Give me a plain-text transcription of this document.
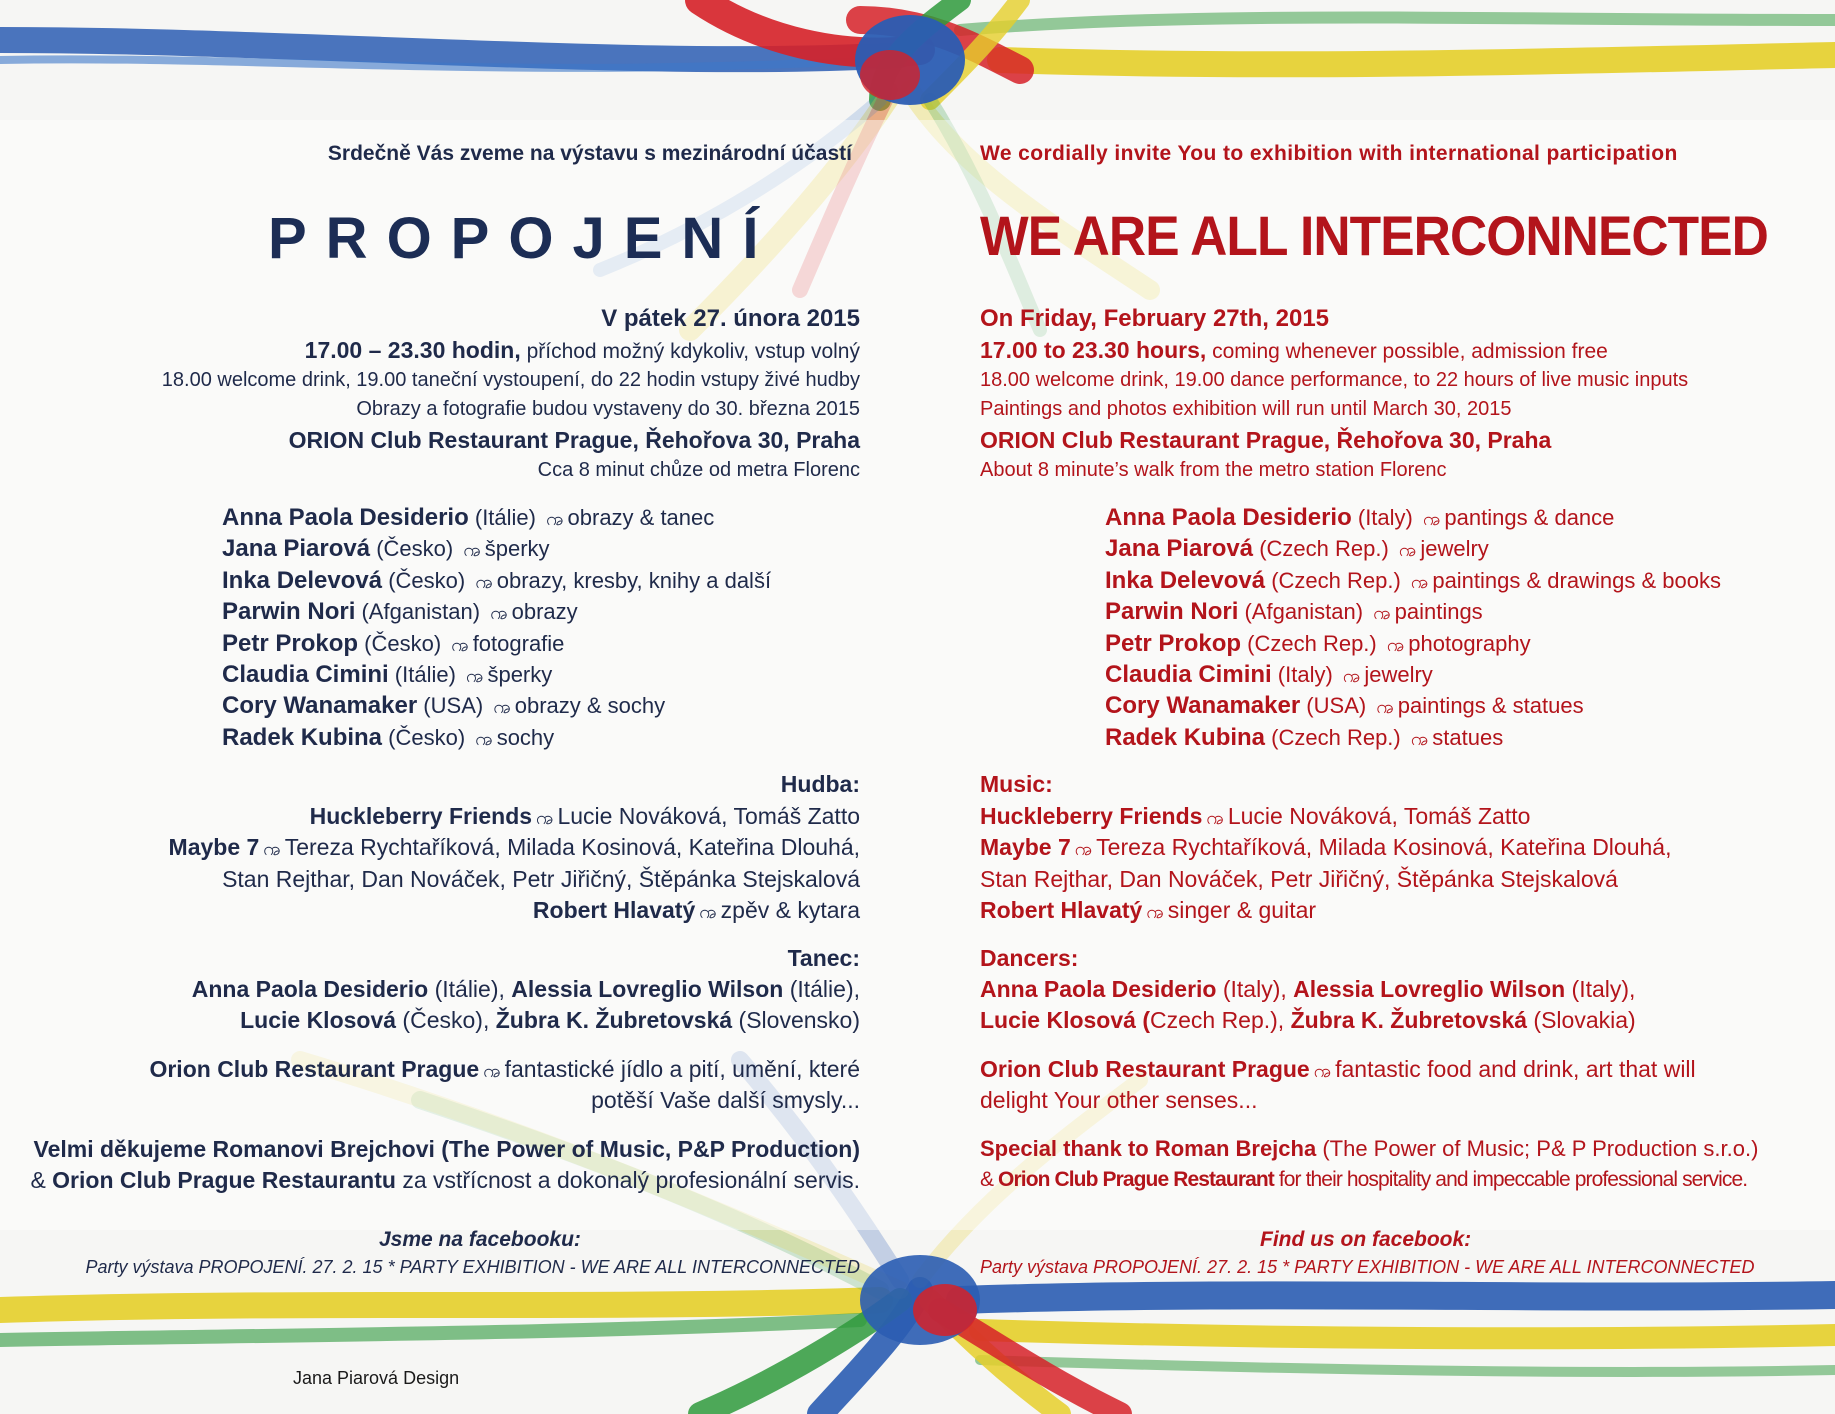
Srdečně Vás zveme na výstavu s mezinárodní účastí
PROPOJENÍ
V pátek 27. února 2015
17.00 – 23.30 hodin, příchod možný kdykoliv, vstup volný
18.00 welcome drink, 19.00 taneční vystoupení, do 22 hodin vstupy živé hudby
Obrazy a fotografie budou vystaveny do 30. března 2015
ORION Club Restaurant Prague, Řehořova 30, Praha
Cca 8 minut chůze od metra Florenc
Anna Paola Desiderio (Itálie) ꩠ obrazy & tanec
Jana Piarová (Česko) ꩠ šperky
Inka Delevová (Česko) ꩠ obrazy, kresby, knihy a další
Parwin Nori (Afganistan) ꩠ obrazy
Petr Prokop (Česko) ꩠ fotografie
Claudia Cimini (Itálie) ꩠ šperky
Cory Wanamaker (USA) ꩠ obrazy & sochy
Radek Kubina (Česko) ꩠ sochy
Hudba:
Huckleberry Friends ꩠ Lucie Nováková, Tomáš Zatto
Maybe 7 ꩠ Tereza Rychtaříková, Milada Kosinová, Kateřina Dlouhá,
Stan Rejthar, Dan Nováček, Petr Jiřičný, Štěpánka Stejskalová
Robert Hlavatý ꩠ zpěv & kytara
Tanec:
Anna Paola Desiderio (Itálie), Alessia Lovreglio Wilson (Itálie),
Lucie Klosová (Česko), Žubra K. Žubretovská (Slovensko)
Orion Club Restaurant Prague ꩠ fantastické jídlo a pití, umění, které
potěší Vaše další smysly...
Velmi děkujeme Romanovi Brejchovi (The Power of Music, P&P Production)
& Orion Club Prague Restaurantu za vstřícnost a dokonalý profesionální servis.
Jsme na facebooku:
Party výstava PROPOJENÍ. 27. 2. 15 * PARTY EXHIBITION - WE ARE ALL INTERCONNECTED
We cordially invite You to exhibition with international participation
WE ARE ALL INTERCONNECTED
On Friday, February 27th, 2015
17.00 to 23.30 hours, coming whenever possible, admission free
18.00 welcome drink, 19.00 dance performance, to 22 hours of live music inputs
Paintings and photos exhibition will run until March 30, 2015
ORION Club Restaurant Prague, Řehořova 30, Praha
About 8 minute’s walk from the metro station Florenc
Anna Paola Desiderio (Italy) ꩠ pantings & dance
Jana Piarová (Czech Rep.) ꩠ jewelry
Inka Delevová (Czech Rep.) ꩠ paintings & drawings & books
Parwin Nori (Afganistan) ꩠ paintings
Petr Prokop (Czech Rep.) ꩠ photography
Claudia Cimini (Italy) ꩠ jewelry
Cory Wanamaker (USA) ꩠ paintings & statues
Radek Kubina (Czech Rep.) ꩠ statues
Music:
Huckleberry Friends ꩠ Lucie Nováková, Tomáš Zatto
Maybe 7 ꩠ Tereza Rychtaříková, Milada Kosinová, Kateřina Dlouhá,
Stan Rejthar, Dan Nováček, Petr Jiřičný, Štěpánka Stejskalová
Robert Hlavatý ꩠ singer & guitar
Dancers:
Anna Paola Desiderio (Italy), Alessia Lovreglio Wilson (Italy),
Lucie Klosová (Czech Rep.), Žubra K. Žubretovská (Slovakia)
Orion Club Restaurant Prague ꩠ fantastic food and drink, art that will
delight Your other senses...
Special thank to Roman Brejcha (The Power of Music; P& P Production s.r.o.)
& Orion Club Prague Restaurant for their hospitality and impeccable professional service.
Find us on facebook:
Party výstava PROPOJENÍ. 27. 2. 15 * PARTY EXHIBITION - WE ARE ALL INTERCONNECTED
Jana Piarová Design
